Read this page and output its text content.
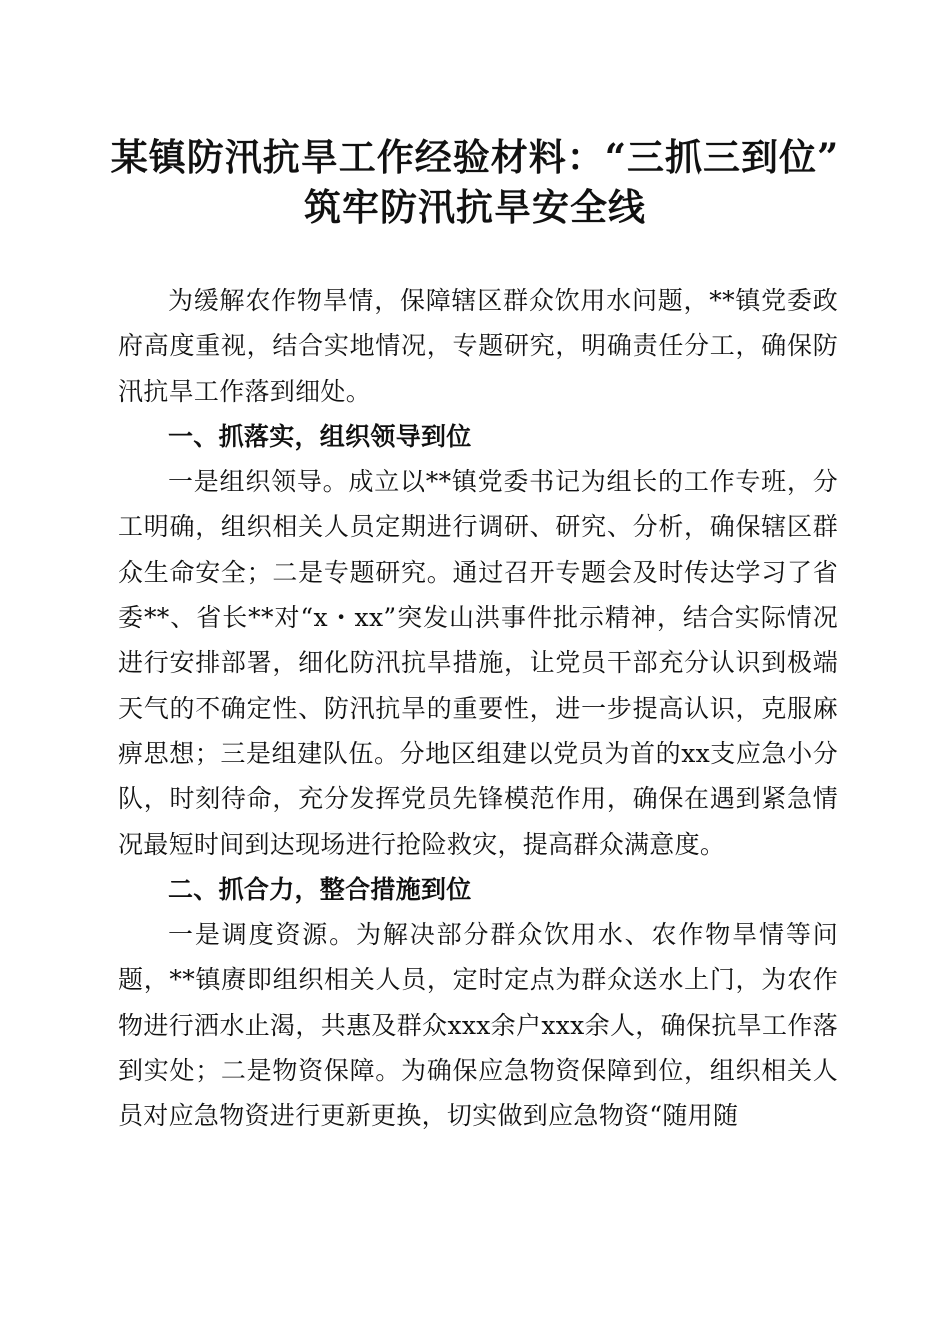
某镇防汛抗旱工作经验材料：“三抓三到位”
筑牢防汛抗旱安全线

为缓解农作物旱情，保障辖区群众饮用水问题，**镇党委政府高度重视，结合实地情况，专题研究，明确责任分工，确保防汛抗旱工作落到细处。

一、抓落实，组织领导到位

一是组织领导。成立以**镇党委书记为组长的工作专班，分工明确，组织相关人员定期进行调研、研究、分析，确保辖区群众生命安全；二是专题研究。通过召开专题会及时传达学习了省委**、省长**对“x・xx”突发山洪事件批示精神，结合实际情况进行安排部署，细化防汛抗旱措施，让党员干部充分认识到极端天气的不确定性、防汛抗旱的重要性，进一步提高认识，克服麻痹思想；三是组建队伍。分地区组建以党员为首的xx支应急小分队，时刻待命，充分发挥党员先锋模范作用，确保在遇到紧急情况最短时间到达现场进行抢险救灾，提高群众满意度。

二、抓合力，整合措施到位

一是调度资源。为解决部分群众饮用水、农作物旱情等问题，**镇赓即组织相关人员，定时定点为群众送水上门，为农作物进行洒水止渴，共惠及群众xxx余户xxx余人，确保抗旱工作落到实处；二是物资保障。为确保应急物资保障到位，组织相关人员对应急物资进行更新更换，切实做到应急物资“随用随
